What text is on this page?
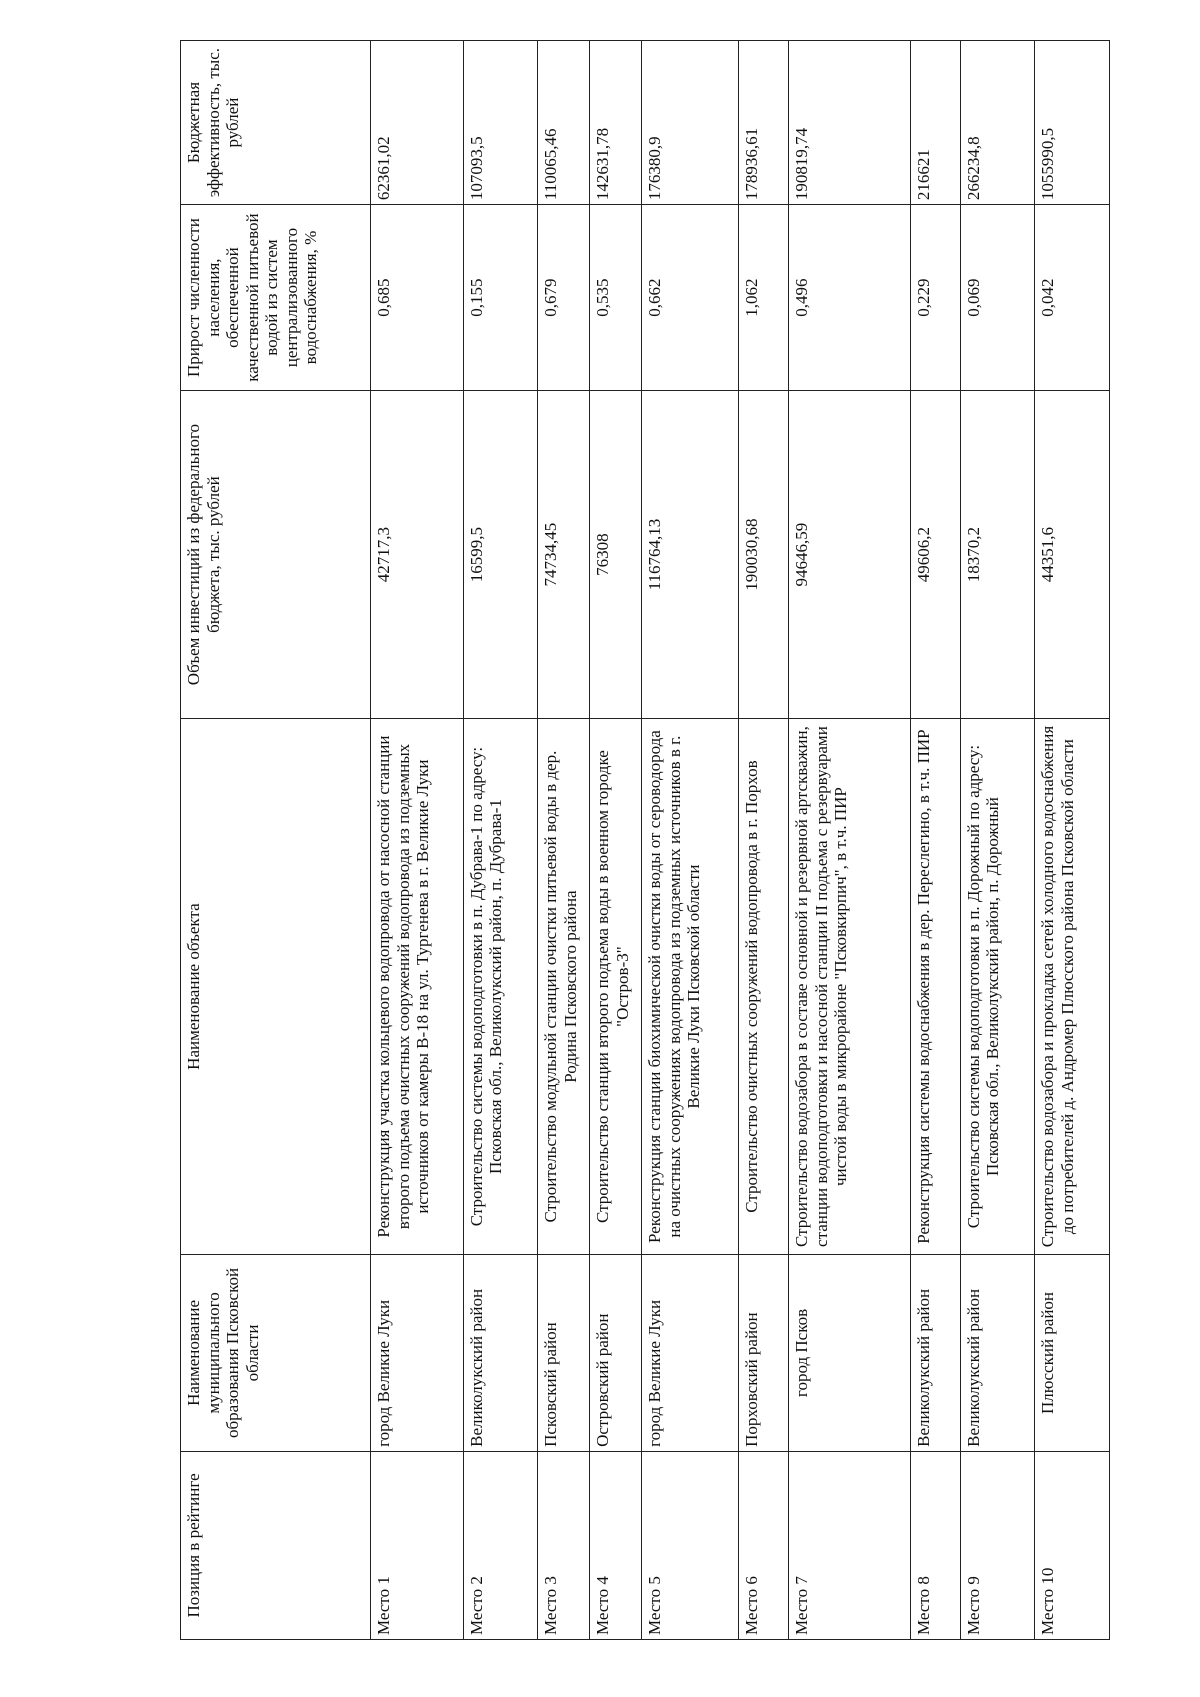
Позиция в рейтинге	Наименование муниципального образования Псковской области	Наименование объекта	Объем инвестиций из федерального бюджета, тыс. рублей	Прирост численности населения, обеспеченной качественной питьевой водой из систем централизованного водоснабжения, %	Бюджетная эффективность, тыс. рублей
Место 1	город Великие Луки	Реконструкция участка кольцевого водопровода от насосной станции второго подъема очистных сооружений водопровода из подземных источников от камеры В-18 на ул. Тургенева в г. Великие Луки	42717,3	0,685	62361,02
Место 2	Великолукский район	Строительство системы водоподготовки в п. Дубрава-1 по адресу: Псковская обл., Великолукский район, п. Дубрава-1	16599,5	0,155	107093,5
Место 3	Псковский район	Строительство модульной станции очистки питьевой воды в дер. Родина Псковского района	74734,45	0,679	110065,46
Место 4	Островский район	Строительство станции второго подъема воды в военном городке "Остров-3"	76308	0,535	142631,78
Место 5	город Великие Луки	Реконструкция станции биохимической очистки воды от сероводорода на очистных сооружениях водопровода из подземных источников в г. Великие Луки Псковской области	116764,13	0,662	176380,9
Место 6	Порховский район	Строительство очистных сооружений водопровода в г. Порхов	190030,68	1,062	178936,61
Место 7	город Псков	Строительство водозабора в составе основной и резервной артскважин, станции водоподготовки и насосной станции II подъема с резервуарами чистой воды в микрорайоне "Псковкирпич", в т.ч. ПИР	94646,59	0,496	190819,74
Место 8	Великолукский район	Реконструкция системы водоснабжения в дер. Переслегино, в т.ч. ПИР	49606,2	0,229	216621
Место 9	Великолукский район	Строительство системы водоподготовки в п. Дорожный по адресу: Псковская обл., Великолукский район, п. Дорожный	18370,2	0,069	266234,8
Место 10	Плюсский район	Строительство водозабора и прокладка сетей холодного водоснабжения до потребителей д. Андромер Плюсского района Псковской области	44351,6	0,042	1055990,5
